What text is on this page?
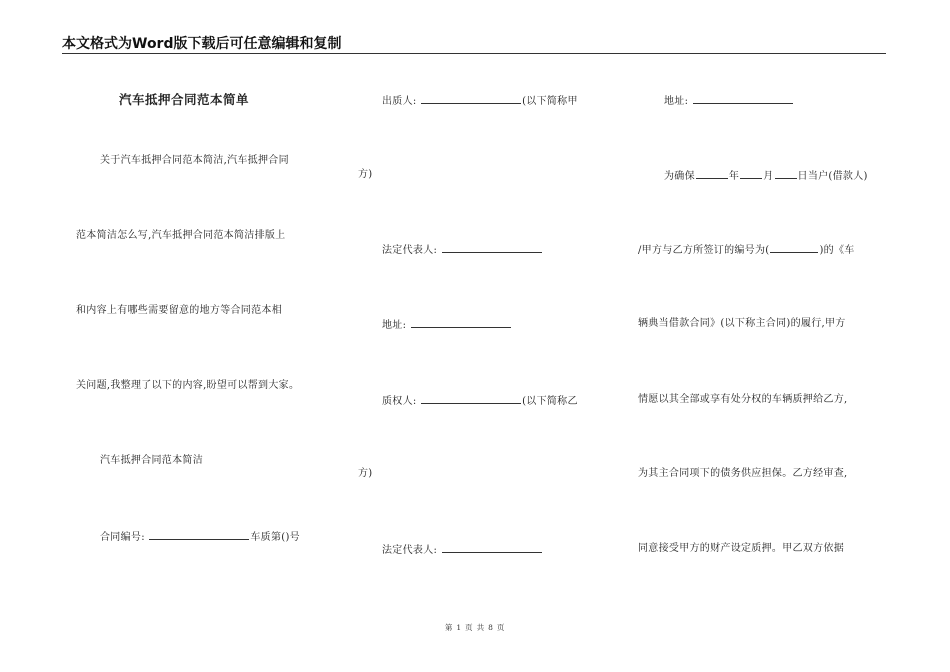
本文格式为Word版下载后可任意编辑和复制
汽车抵押合同范本简单
关于汽车抵押合同范本简洁,汽车抵押合同
范本简洁怎么写,汽车抵押合同范本简洁排版上
和内容上有哪些需要留意的地方等合同范本相
关问题,我整理了以下的内容,盼望可以帮到大家。
汽车抵押合同范本简洁
合同编号:	车质第()号
出质人:	(以下简称甲
方)
法定代表人:
地址:
质权人:	(以下简称乙
方)
法定代表人:
地址:
为确保	年 月 日当户(借款人)
/甲方与乙方所签订的编号为(	)的《车
辆典当借款合同》(以下称主合同)的履行,甲方
情愿以其全部或享有处分权的车辆质押给乙方,
为其主合同项下的债务供应担保。乙方经审查,
同意接受甲方的财产设定质押。甲乙双方依据
第 1 页 共 8 页
